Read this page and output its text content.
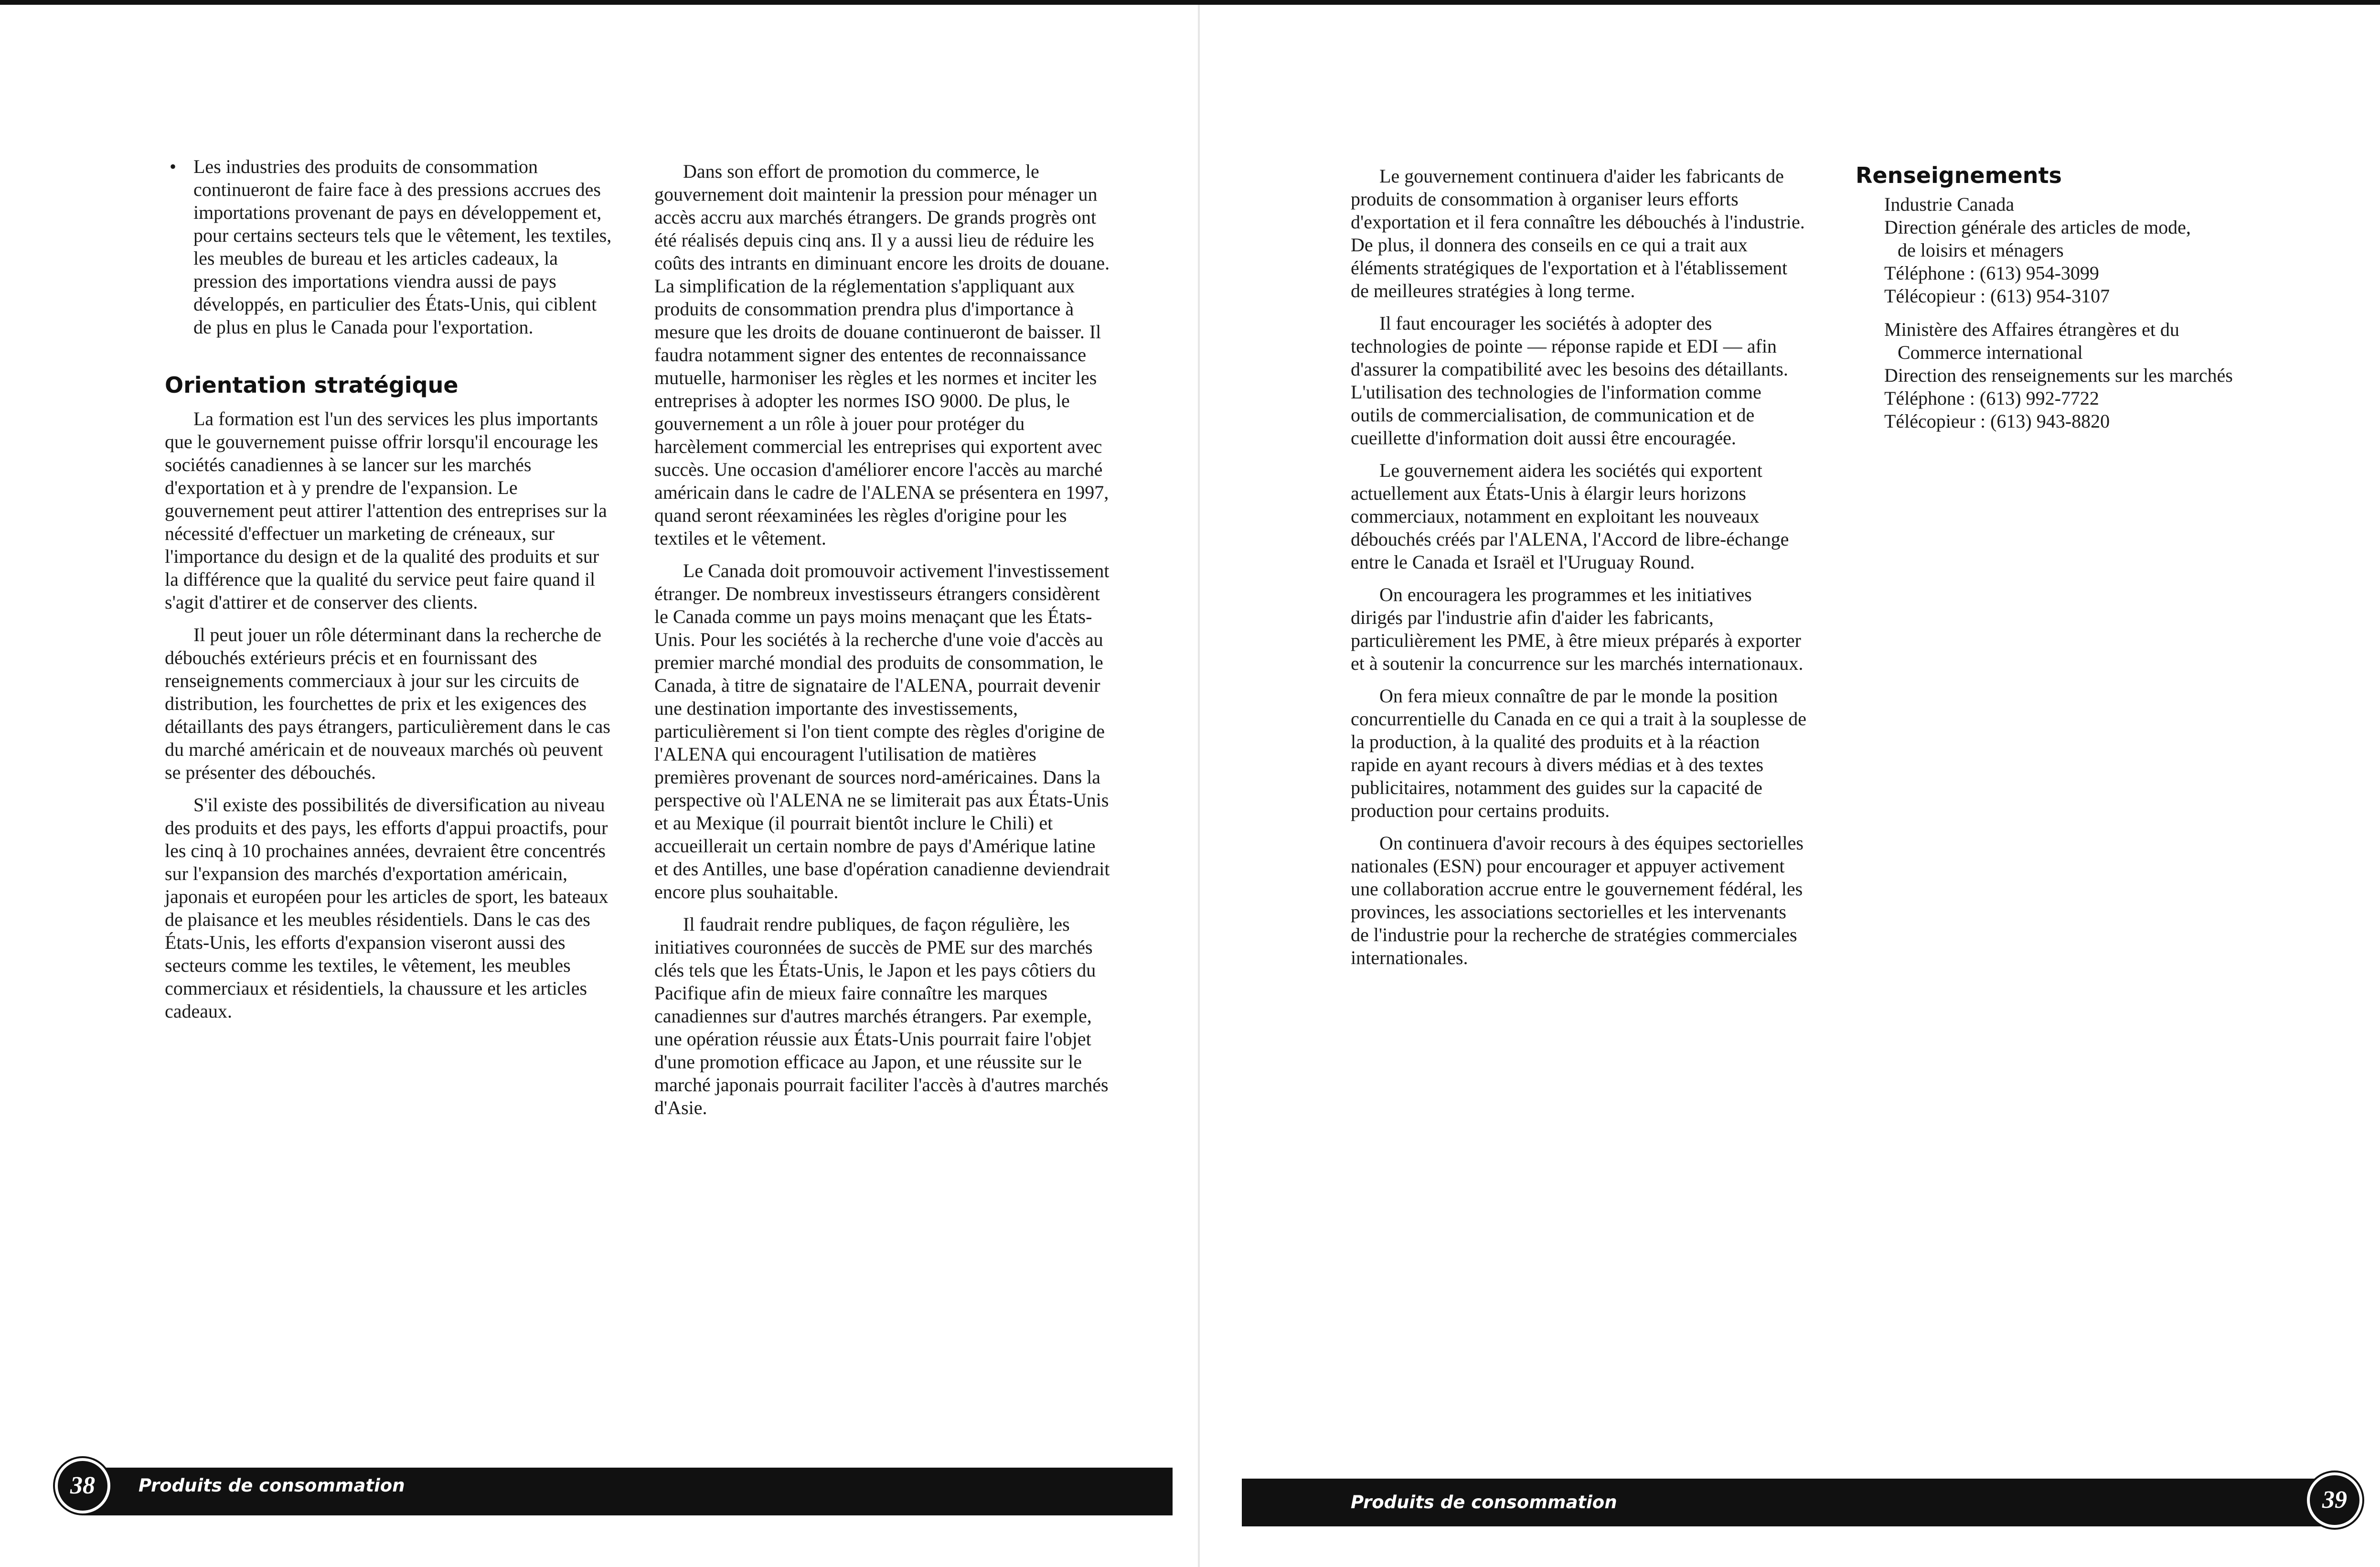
• Les industries des produits de consommation continueront de faire face à des pressions accrues des importations provenant de pays en développement et, pour certains secteurs tels que le vêtement, les textiles, les meubles de bureau et les articles cadeaux, la pression des importations viendra aussi de pays développés, en particulier des États-Unis, qui ciblent de plus en plus le Canada pour l'exportation.

Orientation stratégique

La formation est l'un des services les plus importants que le gouvernement puisse offrir lorsqu'il encourage les sociétés canadiennes à se lancer sur les marchés d'exportation et à y prendre de l'expansion. Le gouvernement peut attirer l'attention des entreprises sur la nécessité d'effectuer un marketing de créneaux, sur l'importance du design et de la qualité des produits et sur la différence que la qualité du service peut faire quand il s'agit d'attirer et de conserver des clients.

Il peut jouer un rôle déterminant dans la recherche de débouchés extérieurs précis et en fournissant des renseignements commerciaux à jour sur les circuits de distribution, les fourchettes de prix et les exigences des détaillants des pays étrangers, particulièrement dans le cas du marché américain et de nouveaux marchés où peuvent se présenter des débouchés.

S'il existe des possibilités de diversification au niveau des produits et des pays, les efforts d'appui proactifs, pour les cinq à 10 prochaines années, devraient être concentrés sur l'expansion des marchés d'exportation américain, japonais et européen pour les articles de sport, les bateaux de plaisance et les meubles résidentiels. Dans le cas des États-Unis, les efforts d'expansion viseront aussi des secteurs comme les textiles, le vêtement, les meubles commerciaux et résidentiels, la chaussure et les articles cadeaux.

Dans son effort de promotion du commerce, le gouvernement doit maintenir la pression pour ménager un accès accru aux marchés étrangers. De grands progrès ont été réalisés depuis cinq ans. Il y a aussi lieu de réduire les coûts des intrants en diminuant encore les droits de douane. La simplification de la réglementation s'appliquant aux produits de consommation prendra plus d'importance à mesure que les droits de douane continueront de baisser. Il faudra notamment signer des ententes de reconnaissance mutuelle, harmoniser les règles et les normes et inciter les entreprises à adopter les normes ISO 9000. De plus, le gouvernement a un rôle à jouer pour protéger du harcèlement commercial les entreprises qui exportent avec succès. Une occasion d'améliorer encore l'accès au marché américain dans le cadre de l'ALENA se présentera en 1997, quand seront réexaminées les règles d'origine pour les textiles et le vêtement.

Le Canada doit promouvoir activement l'investissement étranger. De nombreux investisseurs étrangers considèrent le Canada comme un pays moins menaçant que les États-Unis. Pour les sociétés à la recherche d'une voie d'accès au premier marché mondial des produits de consommation, le Canada, à titre de signataire de l'ALENA, pourrait devenir une destination importante des investissements, particulièrement si l'on tient compte des règles d'origine de l'ALENA qui encouragent l'utilisation de matières premières provenant de sources nord-américaines. Dans la perspective où l'ALENA ne se limiterait pas aux États-Unis et au Mexique (il pourrait bientôt inclure le Chili) et accueillerait un certain nombre de pays d'Amérique latine et des Antilles, une base d'opération canadienne deviendrait encore plus souhaitable.

Il faudrait rendre publiques, de façon régulière, les initiatives couronnées de succès de PME sur des marchés clés tels que les États-Unis, le Japon et les pays côtiers du Pacifique afin de mieux faire connaître les marques canadiennes sur d'autres marchés étrangers. Par exemple, une opération réussie aux États-Unis pourrait faire l'objet d'une promotion efficace au Japon, et une réussite sur le marché japonais pourrait faciliter l'accès à d'autres marchés d'Asie.

38	Produits de consommation

Le gouvernement continuera d'aider les fabricants de produits de consommation à organiser leurs efforts d'exportation et il fera connaître les débouchés à l'industrie. De plus, il donnera des conseils en ce qui a trait aux éléments stratégiques de l'exportation et à l'établissement de meilleures stratégies à long terme.

Il faut encourager les sociétés à adopter des technologies de pointe — réponse rapide et EDI — afin d'assurer la compatibilité avec les besoins des détaillants. L'utilisation des technologies de l'information comme outils de commercialisation, de communication et de cueillette d'information doit aussi être encouragée.

Le gouvernement aidera les sociétés qui exportent actuellement aux États-Unis à élargir leurs horizons commerciaux, notamment en exploitant les nouveaux débouchés créés par l'ALENA, l'Accord de libre-échange entre le Canada et Israël et l'Uruguay Round.

On encouragera les programmes et les initiatives dirigés par l'industrie afin d'aider les fabricants, particulièrement les PME, à être mieux préparés à exporter et à soutenir la concurrence sur les marchés internationaux.

On fera mieux connaître de par le monde la position concurrentielle du Canada en ce qui a trait à la souplesse de la production, à la qualité des produits et à la réaction rapide en ayant recours à divers médias et à des textes publicitaires, notamment des guides sur la capacité de production pour certains produits.

On continuera d'avoir recours à des équipes sectorielles nationales (ESN) pour encourager et appuyer activement une collaboration accrue entre le gouvernement fédéral, les provinces, les associations sectorielles et les intervenants de l'industrie pour la recherche de stratégies commerciales internationales.

Renseignements
Industrie Canada
Direction générale des articles de mode,
de loisirs et ménagers
Téléphone : (613) 954-3099
Télécopieur : (613) 954-3107
Ministère des Affaires étrangères et du
Commerce international
Direction des renseignements sur les marchés
Téléphone : (613) 992-7722
Télécopieur : (613) 943-8820
Produits de consommation	39
